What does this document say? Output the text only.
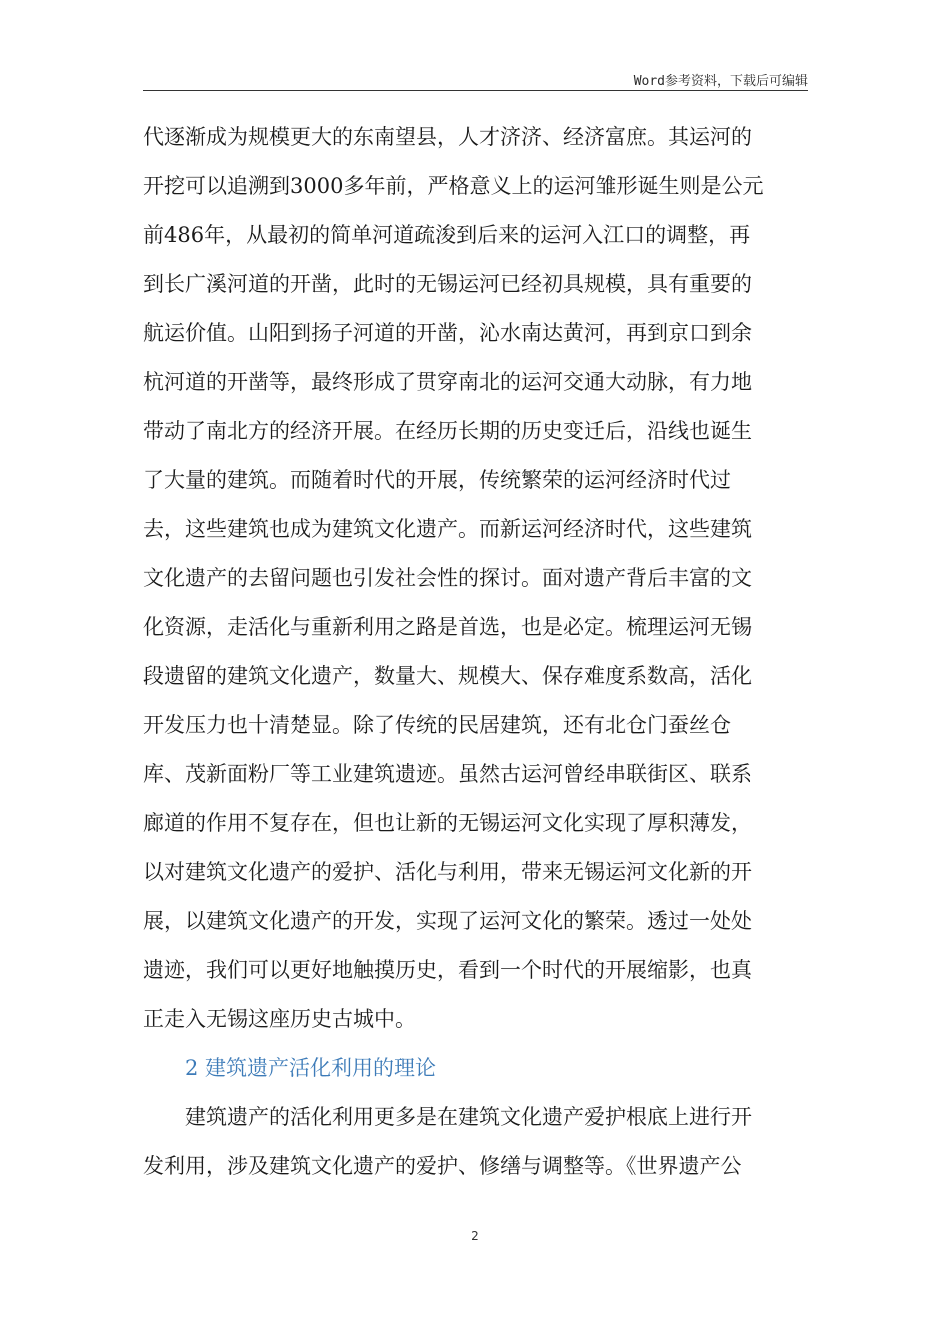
Word参考资料，下载后可编辑
代逐渐成为规模更大的东南望县，人才济济、经济富庶。其运河的
开挖可以追溯到3000多年前，严格意义上的运河雏形诞生则是公元
前486年，从最初的简单河道疏浚到后来的运河入江口的调整，再
到长广溪河道的开凿，此时的无锡运河已经初具规模，具有重要的
航运价值。山阳到扬子河道的开凿，沁水南达黄河，再到京口到余
杭河道的开凿等，最终形成了贯穿南北的运河交通大动脉，有力地
带动了南北方的经济开展。在经历长期的历史变迁后，沿线也诞生
了大量的建筑。而随着时代的开展，传统繁荣的运河经济时代过
去，这些建筑也成为建筑文化遗产。而新运河经济时代，这些建筑
文化遗产的去留问题也引发社会性的探讨。面对遗产背后丰富的文
化资源，走活化与重新利用之路是首选，也是必定。梳理运河无锡
段遗留的建筑文化遗产，数量大、规模大、保存难度系数高，活化
开发压力也十清楚显。除了传统的民居建筑，还有北仓门蚕丝仓
库、茂新面粉厂等工业建筑遗迹。虽然古运河曾经串联街区、联系
廊道的作用不复存在，但也让新的无锡运河文化实现了厚积薄发，
以对建筑文化遗产的爱护、活化与利用，带来无锡运河文化新的开
展，以建筑文化遗产的开发，实现了运河文化的繁荣。透过一处处
遗迹，我们可以更好地触摸历史，看到一个时代的开展缩影，也真
正走入无锡这座历史古城中。
2 建筑遗产活化利用的理论
建筑遗产的活化利用更多是在建筑文化遗产爱护根底上进行开
发利用，涉及建筑文化遗产的爱护、修缮与调整等。《世界遗产公
2
